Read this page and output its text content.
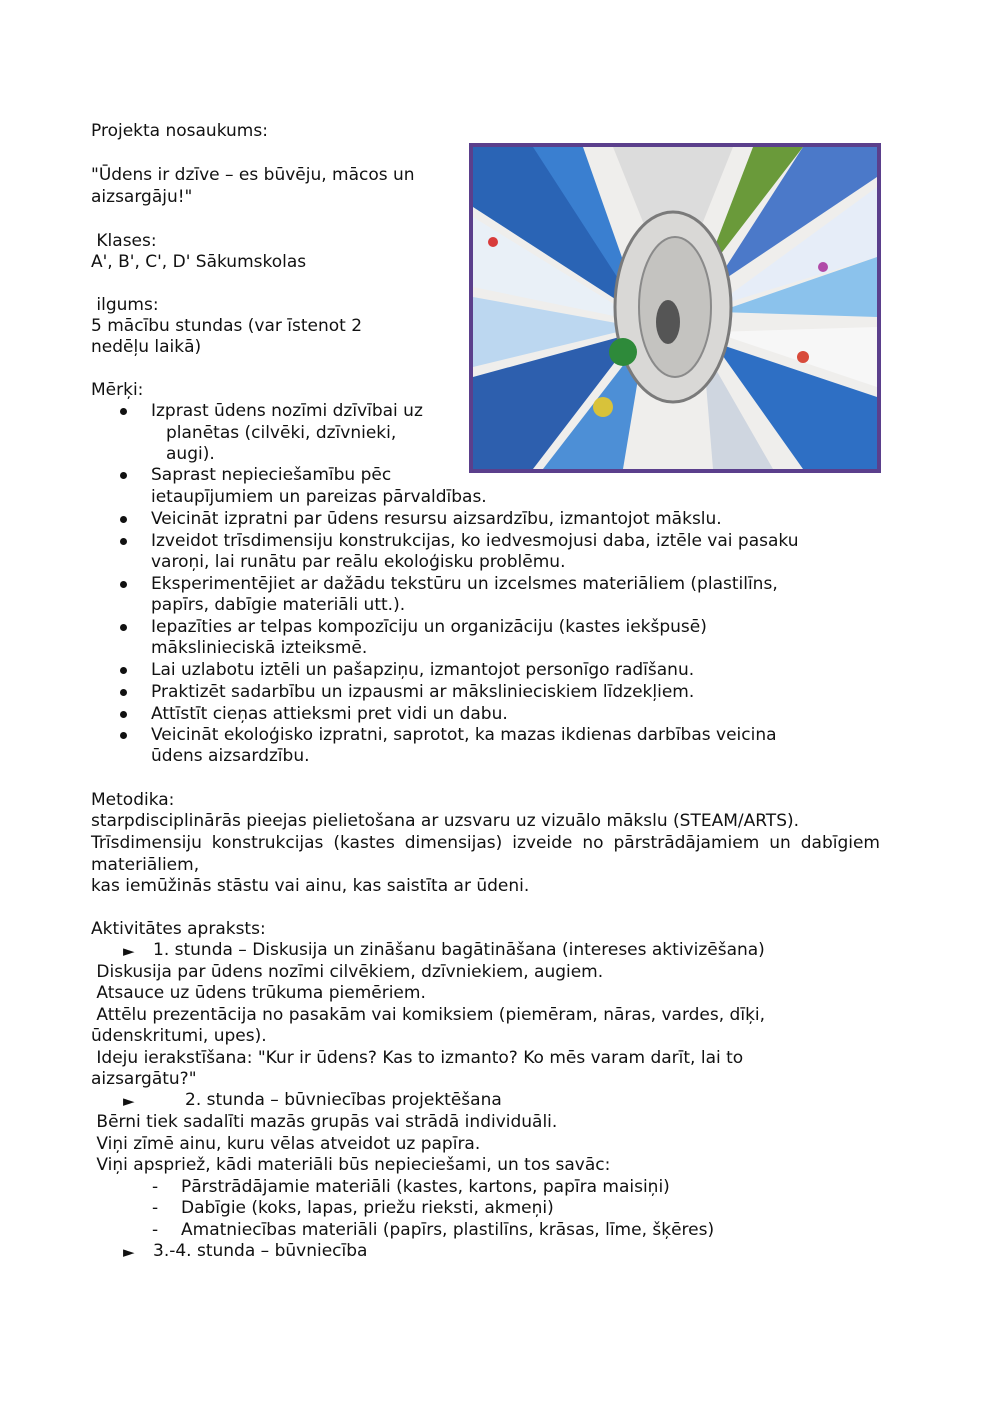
Projekta nosaukums:
"Ūdens ir dzīve – es būvēju, mācos un
aizsargāju!"
Klases:
A', B', C', D' Sākumskolas
ilgums:
5 mācību stundas (var īstenot 2
nedēļu laikā)
Mērķi:
Izprast ūdens nozīmi dzīvībai uz
planētas (cilvēki, dzīvnieki,
augi).
Saprast nepieciešamību pēc
ietaupījumiem un pareizas pārvaldības.
Veicināt izpratni par ūdens resursu aizsardzību, izmantojot mākslu.
Izveidot trīsdimensiju konstrukcijas, ko iedvesmojusi daba, iztēle vai pasaku
varoņi, lai runātu par reālu ekoloģisku problēmu.
Eksperimentējiet ar dažādu tekstūru un izcelsmes materiāliem (plastilīns,
papīrs, dabīgie materiāli utt.).
Iepazīties ar telpas kompozīciju un organizāciju (kastes iekšpusē)
mākslinieciskā izteiksmē.
Lai uzlabotu iztēli un pašapziņu, izmantojot personīgo radīšanu.
Praktizēt sadarbību un izpausmi ar mākslinieciskiem līdzekļiem.
Attīstīt cieņas attieksmi pret vidi un dabu.
Veicināt ekoloģisko izpratni, saprotot, ka mazas ikdienas darbības veicina
ūdens aizsardzību.
Metodika:
starpdisciplinārās pieejas pielietošana ar uzsvaru uz vizuālo mākslu (STEAM/ARTS).
Trīsdimensiju konstrukcijas (kastes dimensijas) izveide no pārstrādājamiem un dabīgiem materiāliem,
kas iemūžinās stāstu vai ainu, kas saistīta ar ūdeni.
Aktivitātes apraksts:
► 1. stunda – Diskusija un zināšanu bagātināšana (intereses aktivizēšana)
Diskusija par ūdens nozīmi cilvēkiem, dzīvniekiem, augiem.
Atsauce uz ūdens trūkuma piemēriem.
Attēlu prezentācija no pasakām vai komiksiem (piemēram, nāras, vardes, dīķi,
ūdenskritumi, upes).
Ideju ierakstīšana: "Kur ir ūdens? Kas to izmanto? Ko mēs varam darīt, lai to
aizsargātu?"
►	2. stunda – būvniecības projektēšana
Bērni tiek sadalīti mazās grupās vai strādā individuāli.
Viņi zīmē ainu, kuru vēlas atveidot uz papīra.
Viņi apspriež, kādi materiāli būs nepieciešami, un tos savāc:
- Pārstrādājamie materiāli (kastes, kartons, papīra maisiņi)
- Dabīgie (koks, lapas, priežu rieksti, akmeņi)
- Amatniecības materiāli (papīrs, plastilīns, krāsas, līme, šķēres)
► 3.-4. stunda – būvniecība
